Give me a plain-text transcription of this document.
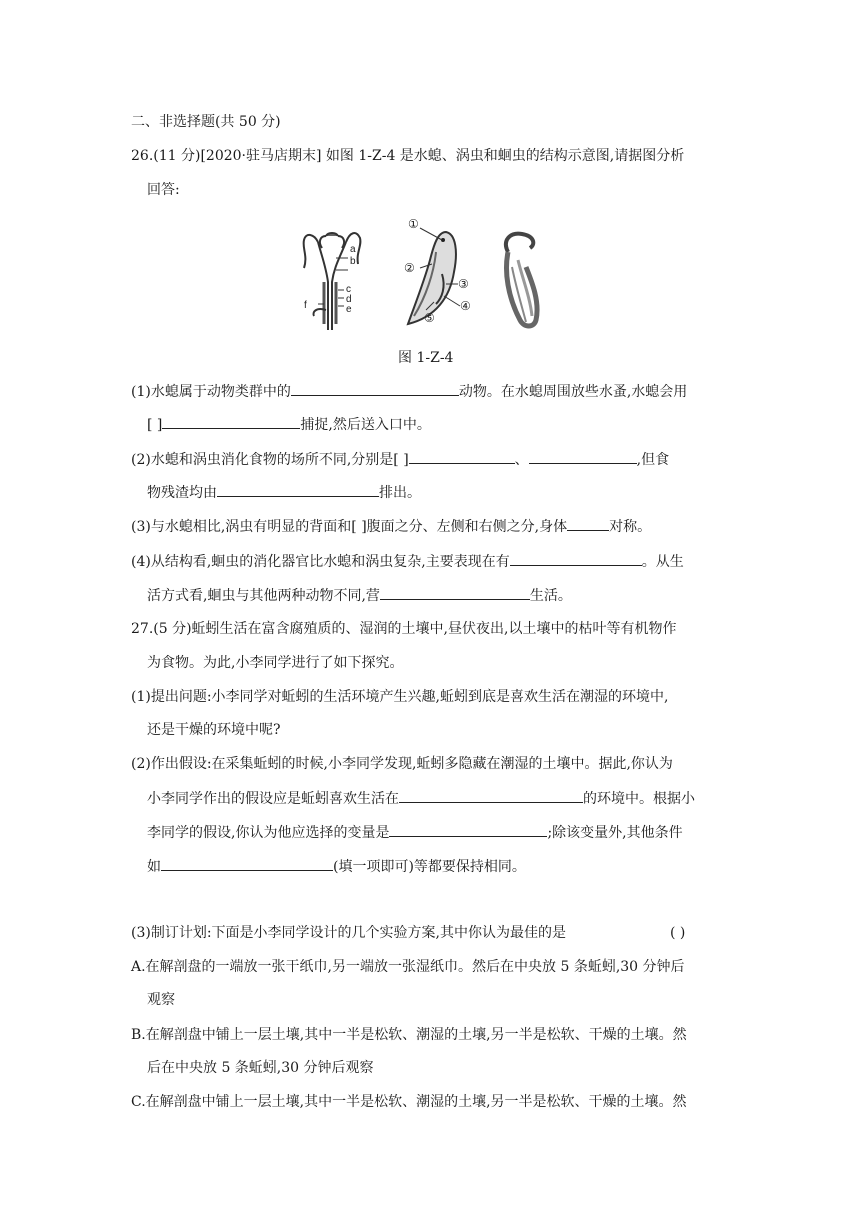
二、非选择题(共 50 分)
26.(11 分)[2020·驻马店期末] 如图 1-Z-4 是水螅、涡虫和蛔虫的结构示意图,请据图分析
回答:
a
b
c
d
e
f
①
②
③
④
⑤
图 1-Z-4
(1)水螅属于动物类群中的	动物。在水螅周围放些水蚤,水螅会用
[ ]	捕捉,然后送入口中。
(2)水螅和涡虫消化食物的场所不同,分别是[ ]	、	,但食
物残渣均由	排出。
(3)与水螅相比,涡虫有明显的背面和[ ]腹面之分、左侧和右侧之分,身体	对称。
(4)从结构看,蛔虫的消化器官比水螅和涡虫复杂,主要表现在有	。从生
活方式看,蛔虫与其他两种动物不同,营	生活。
27.(5 分)蚯蚓生活在富含腐殖质的、湿润的土壤中,昼伏夜出,以土壤中的枯叶等有机物作
为食物。为此,小李同学进行了如下探究。
(1)提出问题:小李同学对蚯蚓的生活环境产生兴趣,蚯蚓到底是喜欢生活在潮湿的环境中,
还是干燥的环境中呢?
(2)作出假设:在采集蚯蚓的时候,小李同学发现,蚯蚓多隐藏在潮湿的土壤中。据此,你认为
小李同学作出的假设应是蚯蚓喜欢生活在	的环境中。根据小
李同学的假设,你认为他应选择的变量是	;除该变量外,其他条件
如	(填一项即可)等都要保持相同。
(3)制订计划:下面是小李同学设计的几个实验方案,其中你认为最佳的是	( )
A.在解剖盘的一端放一张干纸巾,另一端放一张湿纸巾。然后在中央放 5 条蚯蚓,30 分钟后
观察
B.在解剖盘中铺上一层土壤,其中一半是松软、潮湿的土壤,另一半是松软、干燥的土壤。然
后在中央放 5 条蚯蚓,30 分钟后观察
C.在解剖盘中铺上一层土壤,其中一半是松软、潮湿的土壤,另一半是松软、干燥的土壤。然
